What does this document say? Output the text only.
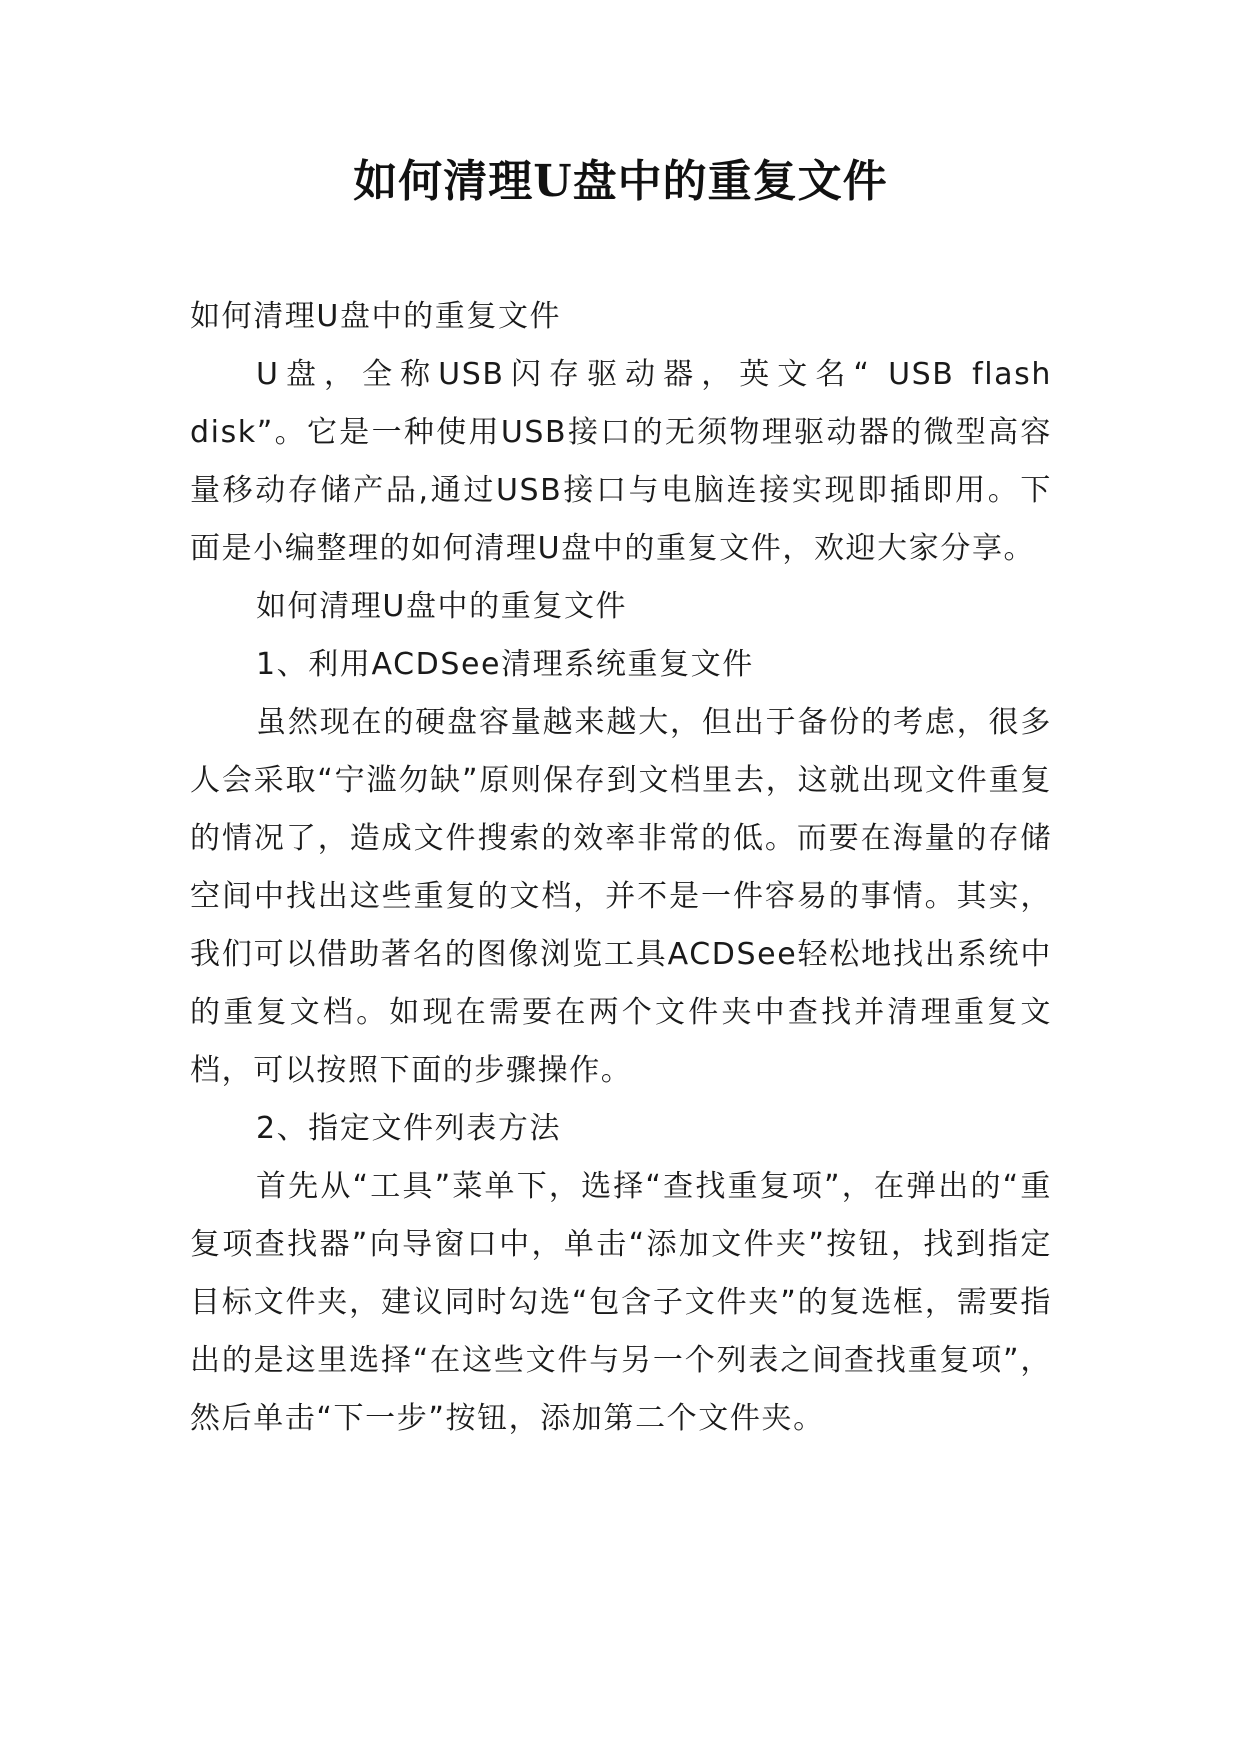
如何清理U盘中的重复文件

如何清理U盘中的重复文件

U盘，全称USB闪存驱动器，英文名“ USB flash disk”。它是一种使用USB接口的无须物理驱动器的微型高容量移动存储产品,通过USB接口与电脑连接实现即插即用。下面是小编整理的如何清理U盘中的重复文件，欢迎大家分享。

如何清理U盘中的重复文件

1、利用ACDSee清理系统重复文件

虽然现在的硬盘容量越来越大，但出于备份的考虑，很多人会采取“宁滥勿缺”原则保存到文档里去，这就出现文件重复的情况了，造成文件搜索的效率非常的低。而要在海量的存储空间中找出这些重复的文档，并不是一件容易的事情。其实，我们可以借助著名的图像浏览工具ACDSee轻松地找出系统中的重复文档。如现在需要在两个文件夹中查找并清理重复文档，可以按照下面的步骤操作。

2、指定文件列表方法

首先从“工具”菜单下，选择“查找重复项”，在弹出的“重复项查找器”向导窗口中，单击“添加文件夹”按钮，找到指定目标文件夹，建议同时勾选“包含子文件夹”的复选框，需要指出的是这里选择“在这些文件与另一个列表之间查找重复项”，然后单击“下一步”按钮，添加第二个文件夹。
